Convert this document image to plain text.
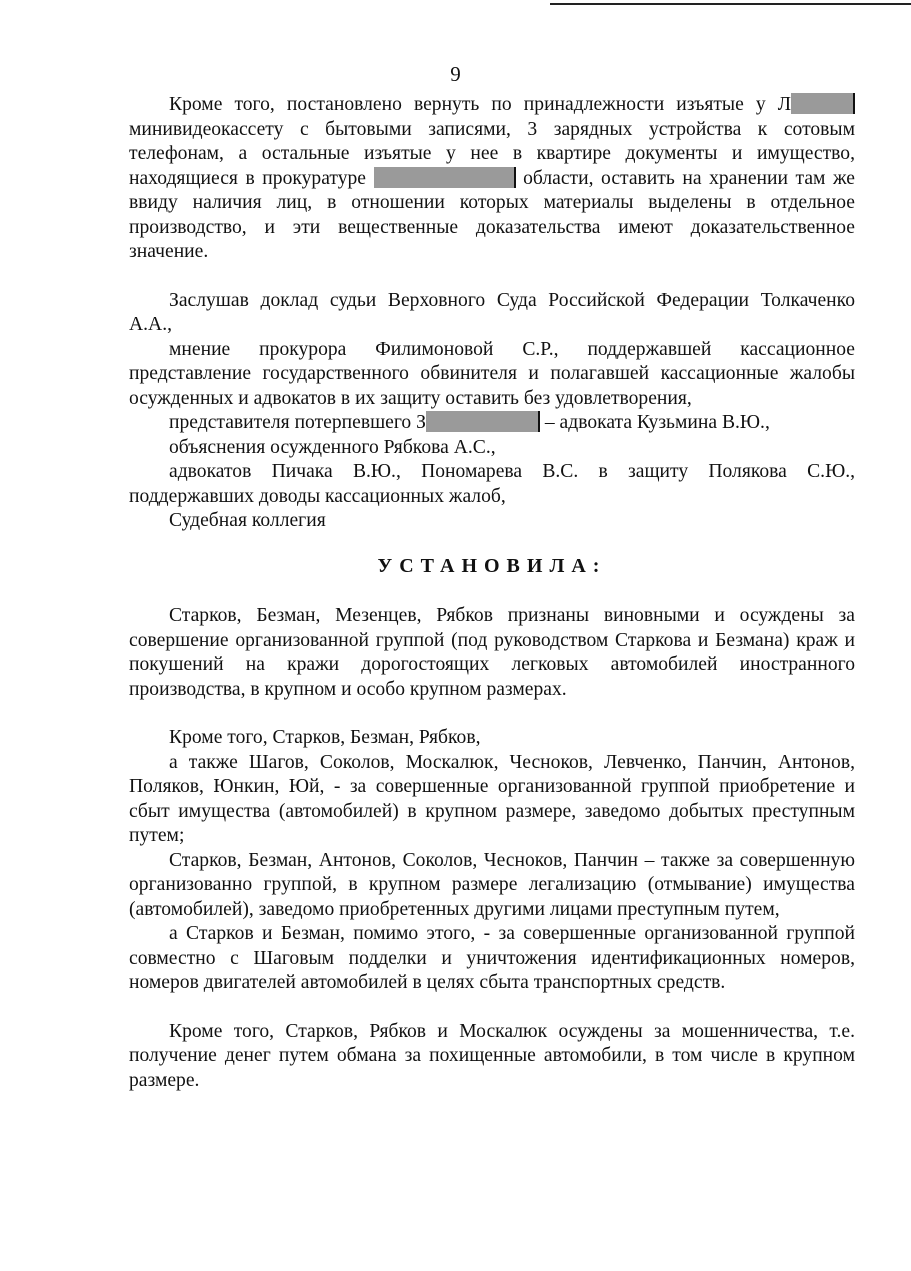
9

Кроме того, постановлено вернуть по принадлежности изъятые у Л минивидеокассету с бытовыми записями, 3 зарядных устройства к сотовым телефонам, а остальные изъятые у нее в квартире документы и имущество, находящиеся в прокуратуре	области, оставить на хранении там же ввиду наличия лиц, в отношении которых материалы выделены в отдельное производство, и эти вещественные доказательства имеют доказательственное значение.

Заслушав доклад судьи Верховного Суда Российской Федерации Толкаченко А.А.,

мнение прокурора Филимоновой С.Р., поддержавшей кассационное представление государственного обвинителя и полагавшей кассационные жалобы осужденных и адвокатов в их защиту оставить без удовлетворения,

представителя потерпевшего З	– адвоката Кузьмина В.Ю.,

объяснения осужденного Рябкова А.С.,

адвокатов Пичака В.Ю., Пономарева В.С. в защиту Полякова С.Ю., поддержавших доводы кассационных жалоб,

Судебная коллегия

УСТАНОВИЛА:

Старков, Безман, Мезенцев, Рябков признаны виновными и осуждены за совершение организованной группой (под руководством Старкова и Безмана) краж и покушений на кражи дорогостоящих легковых автомобилей иностранного производства, в крупном и особо крупном размерах.

Кроме того, Старков, Безман, Рябков,

а также Шагов, Соколов, Москалюк, Чесноков, Левченко, Панчин, Антонов, Поляков, Юнкин, Юй, - за совершенные организованной группой приобретение и сбыт имущества (автомобилей) в крупном размере, заведомо добытых преступным путем;

Старков, Безман, Антонов, Соколов, Чесноков, Панчин – также за совершенную организованно группой, в крупном размере легализацию (отмывание) имущества (автомобилей), заведомо приобретенных другими лицами преступным путем,

а Старков и Безман, помимо этого, - за совершенные организованной группой совместно с Шаговым подделки и уничтожения идентификационных номеров, номеров двигателей автомобилей в целях сбыта транспортных средств.

Кроме того, Старков, Рябков и Москалюк осуждены за мошенничества, т.е. получение денег путем обмана за похищенные автомобили, в том числе в крупном размере.
